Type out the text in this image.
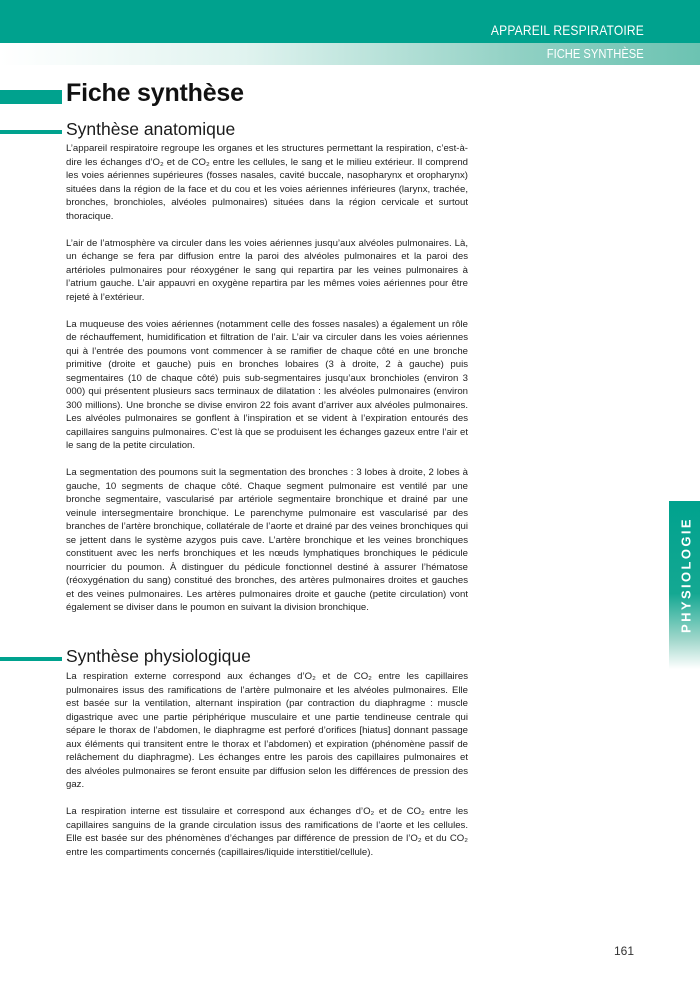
APPAREIL RESPIRATOIRE
FICHE SYNTHÈSE
PHYSIOLOGIE
Fiche synthèse
Synthèse anatomique

L’appareil respiratoire regroupe les organes et les structures permettant la respiration, c’est-à-dire les échanges d’O₂ et de CO₂ entre les cellules, le sang et le milieu extérieur. Il comprend les voies aériennes supérieures (fosses nasales, cavité buccale, nasopharynx et oropharynx) situées dans la région de la face et du cou et les voies aériennes inférieures (larynx, trachée, bronches, bronchioles, alvéoles pulmonaires) situées dans la région cervicale et surtout thoracique.

L’air de l’atmosphère va circuler dans les voies aériennes jusqu’aux alvéoles pulmonaires. Là, un échange se fera par diffusion entre la paroi des alvéoles pulmonaires et la paroi des artérioles pulmonaires pour réoxygéner le sang qui repartira par les veines pulmonaires à l’atrium gauche. L’air appauvri en oxygène repartira par les mêmes voies aériennes pour être rejeté à l’extérieur.

La muqueuse des voies aériennes (notamment celle des fosses nasales) a également un rôle de réchauffement, humidification et filtration de l’air. L’air va circuler dans les voies aériennes qui à l’entrée des poumons vont commencer à se ramifier de chaque côté en une bronche primitive (droite et gauche) puis en bronches lobaires (3 à droite, 2 à gauche) puis segmentaires (10 de chaque côté) puis sub-segmentaires jusqu’aux bronchioles (environ 3 000) qui présentent plusieurs sacs terminaux de dilatation : les alvéoles pulmonaires (environ 300 millions). Une bronche se divise environ 22 fois avant d’arriver aux alvéoles pulmonaires. Les alvéoles pulmonaires se gonflent à l’inspiration et se vident à l’expiration entourés des capillaires sanguins pulmonaires. C’est là que se produisent les échanges gazeux entre l’air et le sang de la petite circulation.

La segmentation des poumons suit la segmentation des bronches : 3 lobes à droite, 2 lobes à gauche, 10 segments de chaque côté. Chaque segment pulmonaire est ventilé par une bronche segmentaire, vascularisé par artériole segmentaire bronchique et drainé par une veinule intersegmentaire bronchique. Le parenchyme pulmonaire est vascularisé par des branches de l’artère bronchique, collatérale de l’aorte et drainé par des veines bronchiques qui se jettent dans le système azygos puis cave. L’artère bronchique et les veines bronchiques constituent avec les nerfs bronchiques et les nœuds lymphatiques bronchiques le pédicule nourricier du poumon. À distinguer du pédicule fonctionnel destiné à assurer l’hématose (réoxygénation du sang) constitué des bronches, des artères pulmonaires droites et gauches et des veines pulmonaires. Les artères pulmonaires droite et gauche (petite circulation) vont également se diviser dans le poumon en suivant la division bronchique.

Synthèse physiologique

La respiration externe correspond aux échanges d’O₂ et de CO₂ entre les capillaires pulmonaires issus des ramifications de l’artère pulmonaire et les alvéoles pulmonaires. Elle est basée sur la ventilation, alternant inspiration (par contraction du diaphragme : muscle digastrique avec une partie périphérique musculaire et une partie tendineuse centrale qui sépare le thorax de l’abdomen, le diaphragme est perforé d’orifices [hiatus] donnant passage aux éléments qui transitent entre le thorax et l’abdomen) et expiration (phénomène passif de relâchement du diaphragme). Les échanges entre les parois des capillaires pulmonaires et des alvéoles pulmonaires se feront ensuite par diffusion selon les différences de pression des gaz.

La respiration interne est tissulaire et correspond aux échanges d’O₂ et de CO₂ entre les capillaires sanguins de la grande circulation issus des ramifications de l’aorte et les cellules. Elle est basée sur des phénomènes d’échanges par différence de pression de l’O₂ et du CO₂ entre les compartiments concernés (capillaires/liquide interstitiel/cellule).

161
